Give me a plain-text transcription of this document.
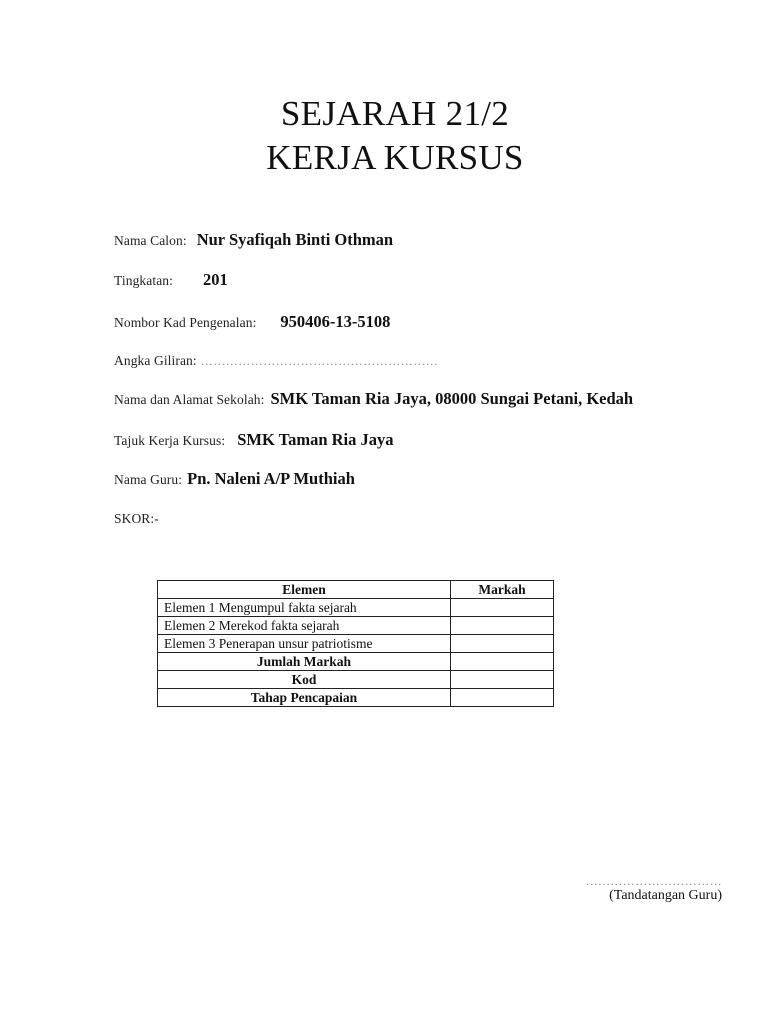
SEJARAH 21/2
KERJA KURSUS
Nama Calon: Nur Syafiqah Binti Othman
Tingkatan: 201
Nombor Kad Pengenalan: 950406-13-5108
Angka Giliran: …………………………………………………
Nama dan Alamat Sekolah: SMK Taman Ria Jaya, 08000 Sungai Petani, Kedah
Tajuk Kerja Kursus: SMK Taman Ria Jaya
Nama Guru: Pn. Naleni A/P Muthiah
SKOR:-
Elemen	Markah
Elemen 1 Mengumpul fakta sejarah	
Elemen 2 Merekod fakta sejarah	
Elemen 3 Penerapan unsur patriotisme	
Jumlah Markah	
Kod	
Tahap Pencapaian	
……………………………
(Tandatangan Guru)
